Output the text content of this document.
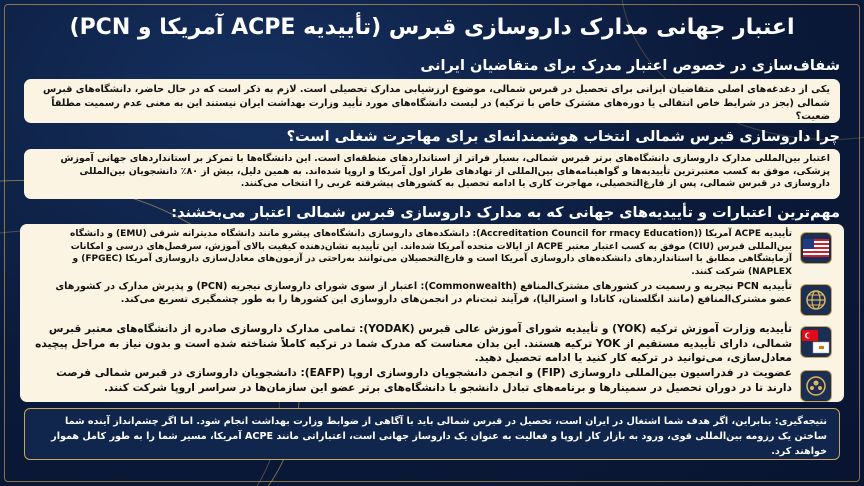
اعتبار جهانی مدارک داروسازی قبرس (تأییدیه ACPE آمریکا و PCN)
شفاف‌سازی در خصوص اعتبار مدرک برای متقاضیان ایرانی
یکی از دغدغه‌های اصلی متقاضیان ایرانی برای تحصیل در قبرس شمالی، موضوع ارزشیابی مدارک تحصیلی است. لازم به ذکر است که در حال حاضر، دانشگاه‌های قبرس شمالی (بجز در شرایط خاص انتقالی یا دوره‌های مشترک خاص با ترکیه) در لیست دانشگاه‌های مورد تأیید وزارت بهداشت ایران نیستند این به معنی عدم رسمیت مطلقاً ضعیت؟
چرا داروسازی قبرس شمالی انتخاب هوشمندانه‌ای برای مهاجرت شغلی است؟
اعتبار بین‌المللی مدارک داروسازی دانشگاه‌های برتر قبرس شمالی، بسیار فراتر از استانداردهای منطقه‌ای است. این دانشگاه‌ها با تمرکز بر استانداردهای جهانی آموزش پزشکی، موفق به کسب معتبرترین تأییدیه‌ها و گواهینامه‌های بین‌المللی از نهادهای طراز اول آمریکا و اروپا شده‌اند. به همین دلیل، بیش از ۸۰٪ دانشجویان بین‌المللی داروسازی در قبرس شمالی، پس از فارغ‌التحصیلی، مهاجرت کاری یا ادامه تحصیل به کشورهای پیشرفته غربی را انتخاب می‌کنند.
مهم‌ترین اعتبارات و تأییدیه‌های جهانی که به مدارک داروسازی قبرس شمالی اعتبار می‌بخشند:
تأییدیه ACPE آمریکا ((Accreditation Council for rmacy Education): دانشکده‌های داروسازی دانشگاه‌های پیشرو مانند دانشگاه مدیترانه شرقی (EMU) و دانشگاه بین‌المللی قبرس (CIU) موفق به کسب اعتبار معتبر ACPE از ایالات متحده آمریکا شده‌اند. این تأییدیه نشان‌دهنده کیفیت بالای آموزش، سرفصل‌های درسی و امکانات آزمایشگاهی مطابق با استانداردهای دانشکده‌های داروسازی آمریکا است و فارغ‌التحصیلان می‌توانند به‌راحتی در آزمون‌های معادل‌سازی داروسازی آمریکا (FPGEC) و NAPLEX) شرکت کنند.
تأییدیه PCN نیجریه و رسمیت در کشورهای مشترک‌المنافع (Commonwealth): اعتبار از سوی شورای داروسازی نیجریه (PCN) و پذیرش مدارک در کشورهای عضو مشترک‌المنافع (مانند انگلستان، کانادا و استرالیا)، فرآیند ثبت‌نام در انجمن‌های داروسازی این کشورها را به طور چشمگیری تسریع می‌کند.
تأییدیه وزارت آموزش ترکیه (YOK) و تأییدیه شورای آموزش عالی قبرس (YODAK): تمامی مدارک داروسازی صادره از دانشگاه‌های معتبر قبرس شمالی، دارای تأییدیه مستقیم از YOK ترکیه هستند. این بدان معناست که مدرک شما در ترکیه کاملاً شناخته شده است و بدون نیاز به مراحل پیچیده معادل‌سازی، می‌توانید در ترکیه کار کنید یا ادامه تحصیل دهید.
عضویت در فدراسیون بین‌المللی داروسازی (FIP) و انجمن دانشجویان داروسازی اروپا (EAFP): دانشجویان داروسازی در قبرس شمالی فرصت دارند تا در دوران تحصیل در سمینارها و برنامه‌های تبادل دانشجو با دانشگاه‌های برتر عضو این سازمان‌ها در سراسر اروپا شرکت کنند.
نتیجه‌گیری: بنابراین، اگر هدف شما اشتغال در ایران است، تحصیل در قبرس شمالی باید با آگاهی از ضوابط وزارت بهداشت انجام شود. اما اگر چشم‌انداز آینده شما ساختن یک رزومه بین‌المللی قوی، ورود به بازار کار اروپا و فعالیت به عنوان یک داروساز جهانی است، اعتباراتی مانند ACPE آمریکا، مسیر شما را به طور کامل هموار خواهند کرد.
